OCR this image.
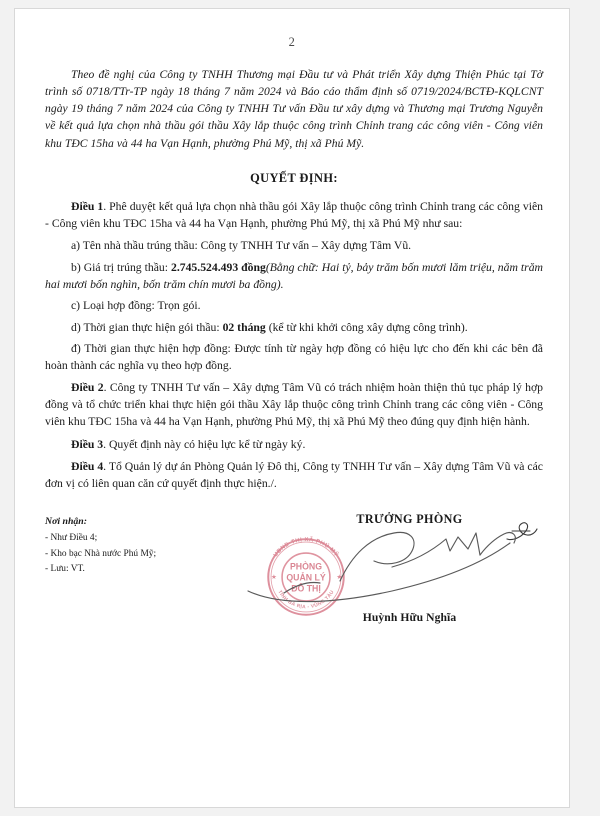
2

Theo đề nghị của Công ty TNHH Thương mại Đầu tư và Phát triển Xây dựng Thiện Phúc tại Tờ trình số 0718/TTr-TP ngày 18 tháng 7 năm 2024 và Báo cáo thẩm định số 0719/2024/BCTĐ-KQLCNT ngày 19 tháng 7 năm 2024 của Công ty TNHH Tư vấn Đầu tư xây dựng và Thương mại Trương Nguyễn về kết quả lựa chọn nhà thầu gói thầu Xây lắp thuộc công trình Chỉnh trang các công viên - Công viên khu TĐC 15ha và 44 ha Vạn Hạnh, phường Phú Mỹ, thị xã Phú Mỹ.

QUYẾT ĐỊNH:

Điều 1. Phê duyệt kết quả lựa chọn nhà thầu gói Xây lắp thuộc công trình Chỉnh trang các công viên - Công viên khu TĐC 15ha và 44 ha Vạn Hạnh, phường Phú Mỹ, thị xã Phú Mỹ như sau:

a) Tên nhà thầu trúng thầu: Công ty TNHH Tư vấn – Xây dựng Tâm Vũ.

b) Giá trị trúng thầu: 2.745.524.493 đồng(Bằng chữ: Hai tỷ, bảy trăm bốn mươi lăm triệu, năm trăm hai mươi bốn nghìn, bốn trăm chín mươi ba đồng).

c) Loại hợp đồng: Trọn gói.

d) Thời gian thực hiện gói thầu: 02 tháng (kể từ khi khởi công xây dựng công trình).

đ) Thời gian thực hiện hợp đồng: Được tính từ ngày hợp đồng có hiệu lực cho đến khi các bên đã hoàn thành các nghĩa vụ theo hợp đồng.

Điều 2. Công ty TNHH Tư vấn – Xây dựng Tâm Vũ có trách nhiệm hoàn thiện thủ tục pháp lý hợp đồng và tổ chức triển khai thực hiện gói thầu Xây lắp thuộc công trình Chỉnh trang các công viên - Công viên khu TĐC 15ha và 44 ha Vạn Hạnh, phường Phú Mỹ, thị xã Phú Mỹ theo đúng quy định hiện hành.

Điều 3. Quyết định này có hiệu lực kể từ ngày ký.

Điều 4. Tổ Quản lý dự án Phòng Quản lý Đô thị, Công ty TNHH Tư vấn – Xây dựng Tâm Vũ và các đơn vị có liên quan căn cứ quyết định thực hiện./.

Nơi nhận:
- Như Điều 4;
- Kho bạc Nhà nước Phú Mỹ;
- Lưu: VT.
TRƯỞNG PHÒNG
UBND THỊ XÃ PHÚ MỸ
TỈNH BÀ RỊA - VŨNG TÀU
★	★
PHÒNG
QUẢN LÝ
ĐÔ THỊ
Huỳnh Hữu Nghĩa
